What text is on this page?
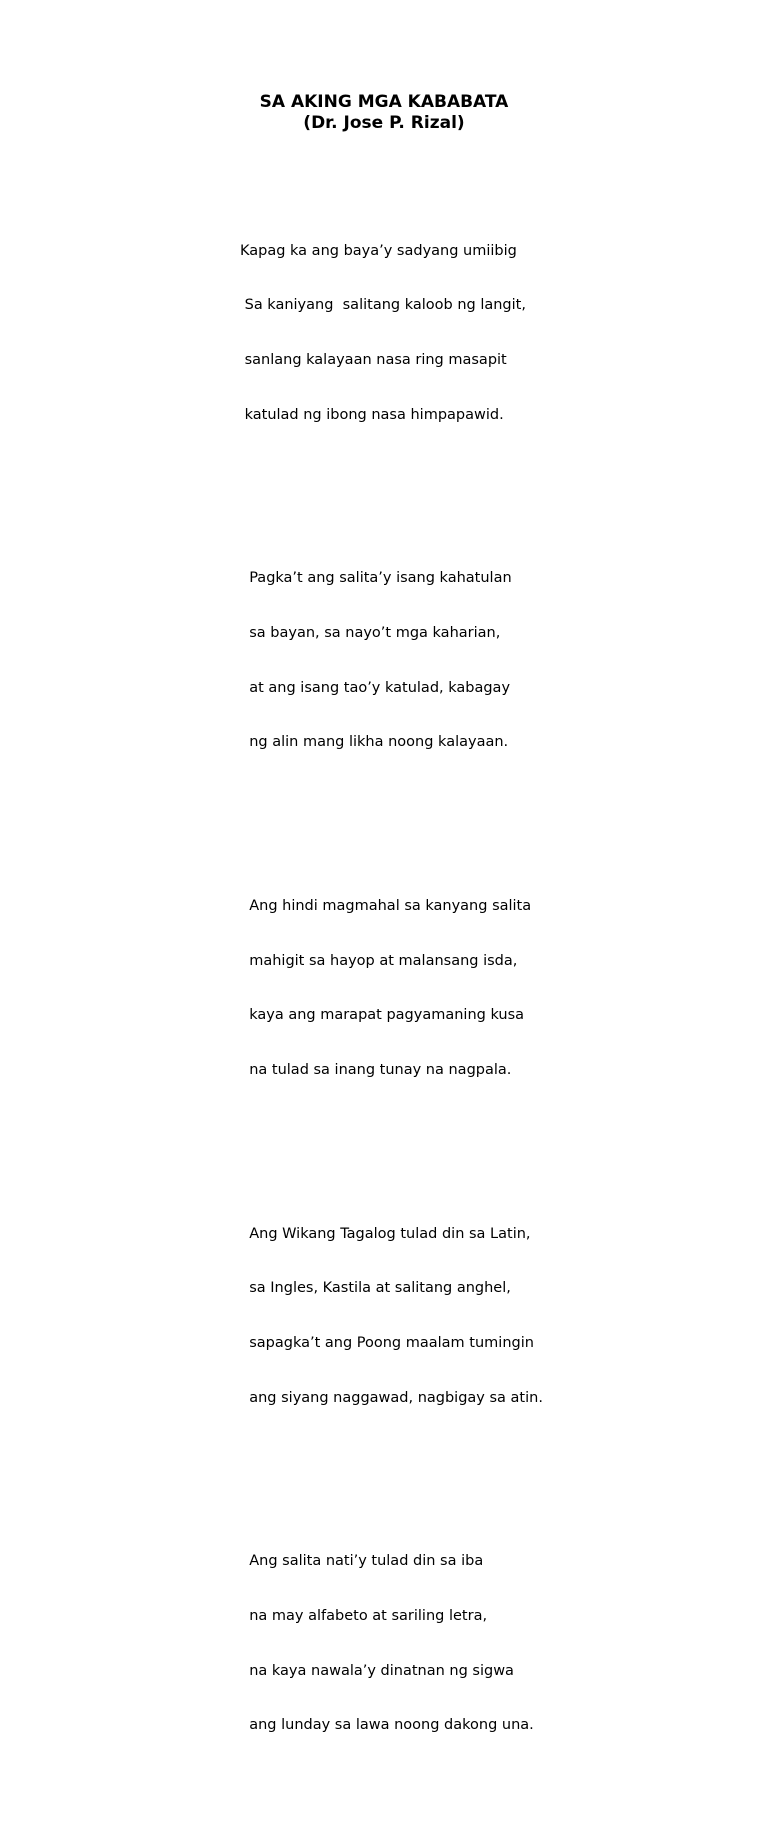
SA AKING MGA KABABATA
(Dr. Jose P. Rizal)

Kapag ka ang baya’y sadyang umiibig

Sa kaniyang  salitang kaloob ng langit,

sanlang kalayaan nasa ring masapit

katulad ng ibong nasa himpapawid.

Pagka’t ang salita’y isang kahatulan

sa bayan, sa nayo’t mga kaharian,

at ang isang tao’y katulad, kabagay

ng alin mang likha noong kalayaan.

Ang hindi magmahal sa kanyang salita

mahigit sa hayop at malansang isda,

kaya ang marapat pagyamaning kusa

na tulad sa inang tunay na nagpala.

Ang Wikang Tagalog tulad din sa Latin,

sa Ingles, Kastila at salitang anghel,

sapagka’t ang Poong maalam tumingin

ang siyang naggawad, nagbigay sa atin.

Ang salita nati’y tulad din sa iba

na may alfabeto at sariling letra,

na kaya nawala’y dinatnan ng sigwa

ang lunday sa lawa noong dakong una.
